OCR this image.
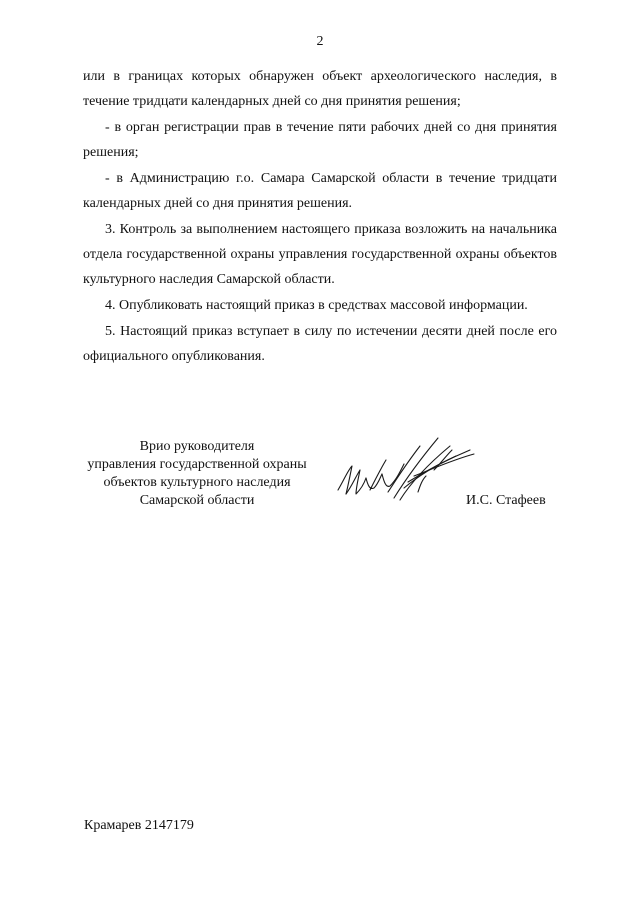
2

или в границах которых обнаружен объект археологического наследия, в течение тридцати календарных дней со дня принятия решения;

- в орган регистрации прав в течение пяти рабочих дней со дня принятия решения;

- в Администрацию г.о. Самара Самарской области в течение тридцати календарных дней со дня принятия решения.

3. Контроль за выполнением настоящего приказа возложить на начальника отдела государственной охраны управления государственной охраны объектов культурного наследия Самарской области.

4. Опубликовать настоящий приказ в средствах массовой информации.

5. Настоящий приказ вступает в силу по истечении десяти дней после его официального опубликования.

Врио руководителя
управления государственной охраны
объектов культурного наследия
Самарской области	И.С. Стафеев
Крамарев 2147179
